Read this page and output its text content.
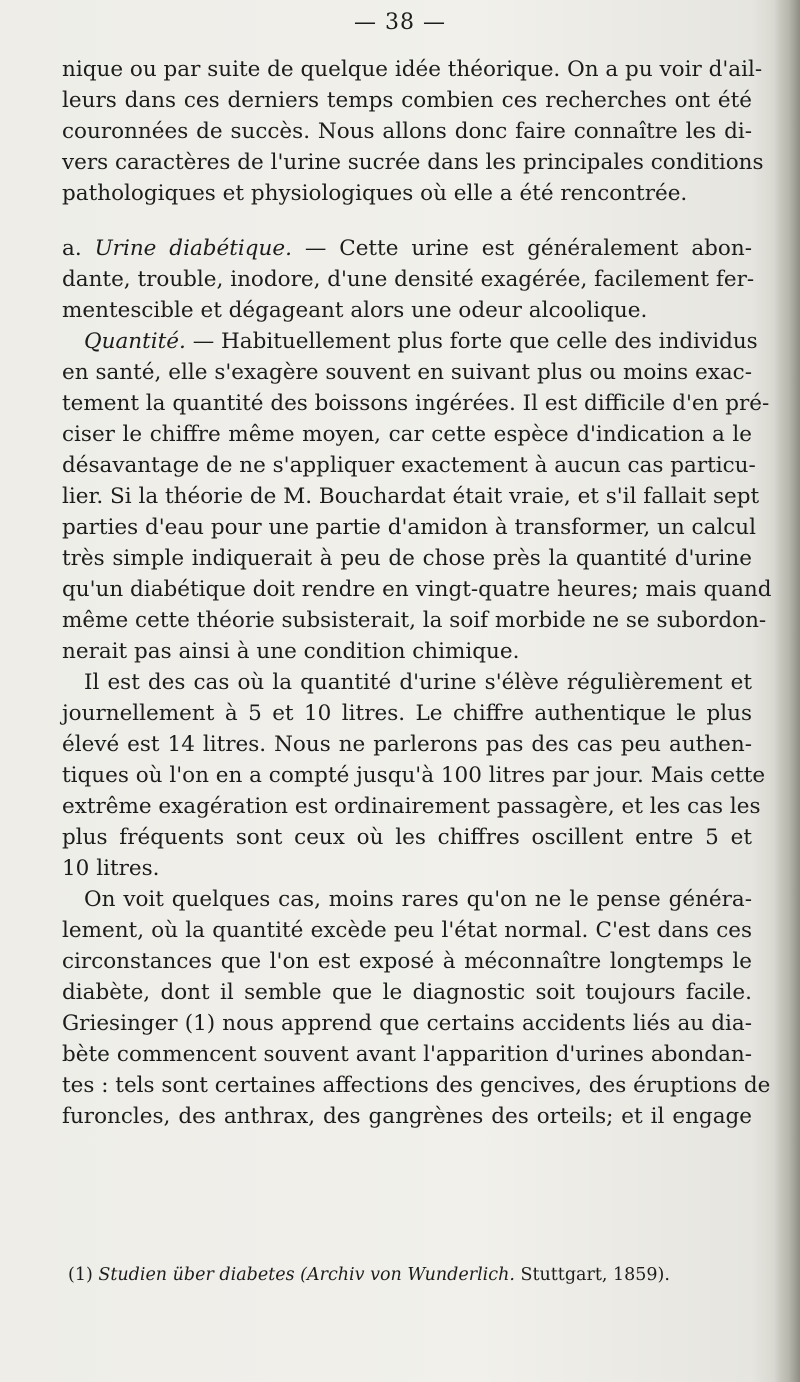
— 38 —
nique ou par suite de quelque idée théorique. On a pu voir d'ail-
leurs dans ces derniers temps combien ces recherches ont été
couronnées de succès. Nous allons donc faire connaître les di-
vers caractères de l'urine sucrée dans les principales conditions
pathologiques et physiologiques où elle a été rencontrée.
a. Urine diabétique. — Cette urine est généralement abon-
dante, trouble, inodore, d'une densité exagérée, facilement fer-
mentescible et dégageant alors une odeur alcoolique.
Quantité. — Habituellement plus forte que celle des individus
en santé, elle s'exagère souvent en suivant plus ou moins exac-
tement la quantité des boissons ingérées. Il est difficile d'en pré-
ciser le chiffre même moyen, car cette espèce d'indication a le
désavantage de ne s'appliquer exactement à aucun cas particu-
lier. Si la théorie de M. Bouchardat était vraie, et s'il fallait sept
parties d'eau pour une partie d'amidon à transformer, un calcul
très simple indiquerait à peu de chose près la quantité d'urine
qu'un diabétique doit rendre en vingt-quatre heures; mais quand
même cette théorie subsisterait, la soif morbide ne se subordon-
nerait pas ainsi à une condition chimique.
Il est des cas où la quantité d'urine s'élève régulièrement et
journellement à 5 et 10 litres. Le chiffre authentique le plus
élevé est 14 litres. Nous ne parlerons pas des cas peu authen-
tiques où l'on en a compté jusqu'à 100 litres par jour. Mais cette
extrême exagération est ordinairement passagère, et les cas les
plus fréquents sont ceux où les chiffres oscillent entre 5 et
10 litres.
On voit quelques cas, moins rares qu'on ne le pense généra-
lement, où la quantité excède peu l'état normal. C'est dans ces
circonstances que l'on est exposé à méconnaître longtemps le
diabète, dont il semble que le diagnostic soit toujours facile.
Griesinger (1) nous apprend que certains accidents liés au dia-
bète commencent souvent avant l'apparition d'urines abondan-
tes : tels sont certaines affections des gencives, des éruptions de
furoncles, des anthrax, des gangrènes des orteils; et il engage
(1) Studien über diabetes (Archiv von Wunderlich. Stuttgart, 1859).
